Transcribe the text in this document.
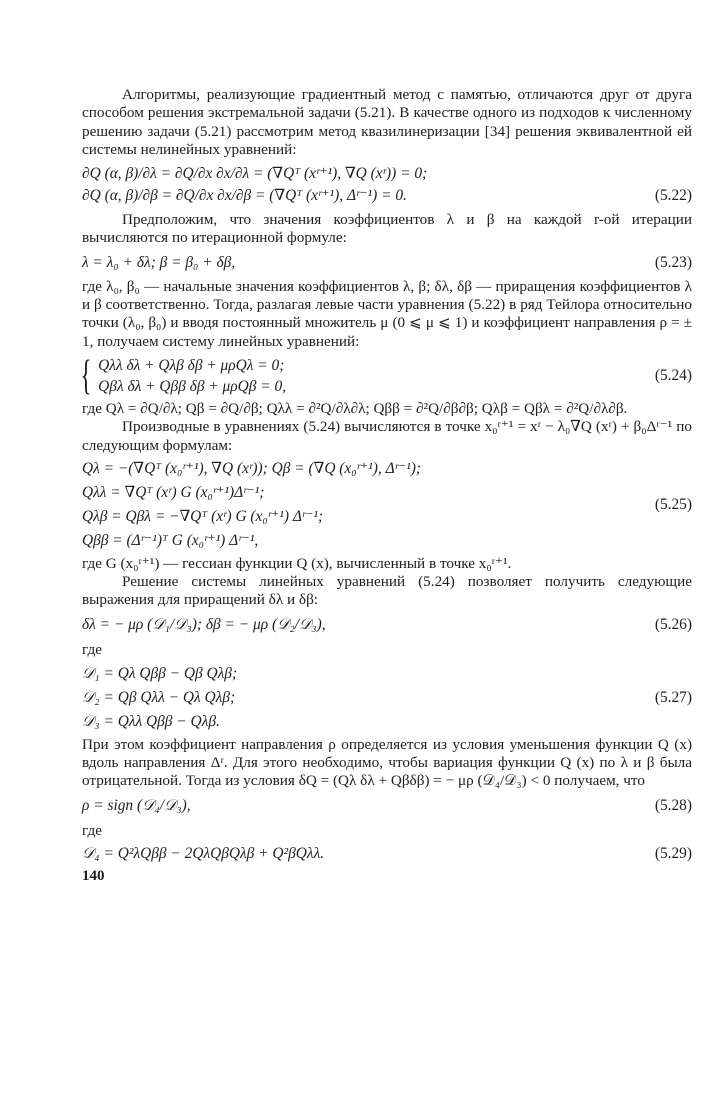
Алгоритмы, реализующие градиентный метод с памятью, отличаются друг от друга способом решения экстремальной задачи (5.21). В качестве одного из подходов к численному решению задачи (5.21) рассмотрим метод квазилинеризации [34] решения эквивалентной ей системы нелинейных уравнений:

∂Q (α, β)/∂λ = ∂Q/∂x ∂x/∂λ = (∇Qᵀ (xʳ⁺¹), ∇Q (xʳ)) = 0;
∂Q (α, β)/∂β = ∂Q/∂x ∂x/∂β = (∇Qᵀ (xʳ⁺¹), Δʳ⁻¹) = 0.	(5.22)

Предположим, что значения коэффициентов λ и β на каждой r-ой итерации вычисляются по итерационной формуле:

λ = λ₀ + δλ; β = β₀ + δβ,	(5.23)

где λ₀, β₀ — начальные значения коэффициентов λ, β; δλ, δβ — приращения коэффициентов λ и β соответственно. Тогда, разлагая левые части уравнения (5.22) в ряд Тейлора относительно точки (λ₀, β₀) и вводя постоянный множитель μ (0 ⩽ μ ⩽ 1) и коэффициент направления ρ = ± 1, получаем систему линейных уравнений:

{ Qλλ δλ + Qλβ δβ + μρQλ = 0;
Qβλ δλ + Qββ δβ + μρQβ = 0,
(5.24)

где Qλ = ∂Q/∂λ; Qβ = ∂Q/∂β; Qλλ = ∂²Q/∂λ∂λ; Qββ = ∂²Q/∂β∂β; Qλβ = Qβλ = ∂²Q/∂λ∂β.

Производные в уравнениях (5.24) вычисляются в точке x₀ʳ⁺¹ = xʳ − λ₀∇Q (xʳ) + β₀Δʳ⁻¹ по следующим формулам:

Qλ = −(∇Qᵀ (x₀ʳ⁺¹), ∇Q (xʳ)); Qβ = (∇Q (x₀ʳ⁺¹), Δʳ⁻¹);
Qλλ = ∇Qᵀ (xʳ) G (x₀ʳ⁺¹)Δʳ⁻¹;
Qλβ = Qβλ = −∇Qᵀ (xʳ) G (x₀ʳ⁺¹) Δʳ⁻¹;
Qββ = (Δʳ⁻¹)ᵀ G (x₀ʳ⁺¹) Δʳ⁻¹,
(5.25)

где G (x₀ʳ⁺¹) — гессиан функции Q (x), вычисленный в точке x₀ʳ⁺¹.

Решение системы линейных уравнений (5.24) позволяет получить следующие выражения для приращений δλ и δβ:

δλ = − μρ (𝒟₁/𝒟₃); δβ = − μρ (𝒟₂/𝒟₃),	(5.26)
где
𝒟₁ = Qλ Qββ − Qβ Qλβ;
𝒟₂ = Qβ Qλλ − Qλ Qλβ;
𝒟₃ = Qλλ Qββ − Qλβ.
(5.27)

При этом коэффициент направления ρ определяется из условия уменьшения функции Q (x) вдоль направления Δʳ. Для этого необходимо, чтобы вариация функции Q (x) по λ и β была отрицательной. Тогда из условия δQ = (Qλ δλ + Qβδβ) = − μρ (𝒟₄/𝒟₃) < 0 получаем, что

ρ = sign (𝒟₄/𝒟₃),	(5.28)
где
𝒟₄ = Q²λQββ − 2QλQβQλβ + Q²βQλλ.	(5.29)
140
